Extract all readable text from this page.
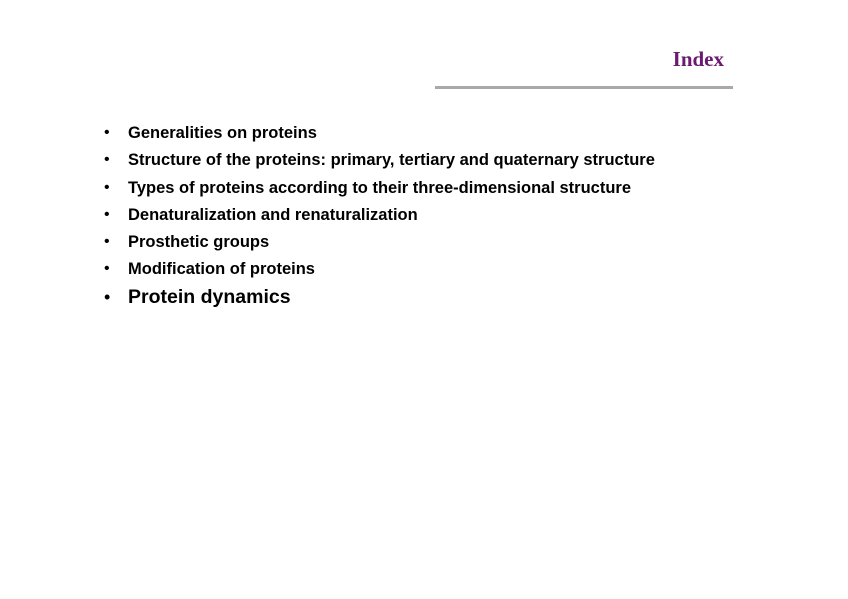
Index
• Generalities on proteins
• Structure of the proteins: primary, tertiary and quaternary structure
• Types of proteins according to their three-dimensional structure
• Denaturalization and renaturalization
• Prosthetic groups
• Modification of proteins
• Protein dynamics
